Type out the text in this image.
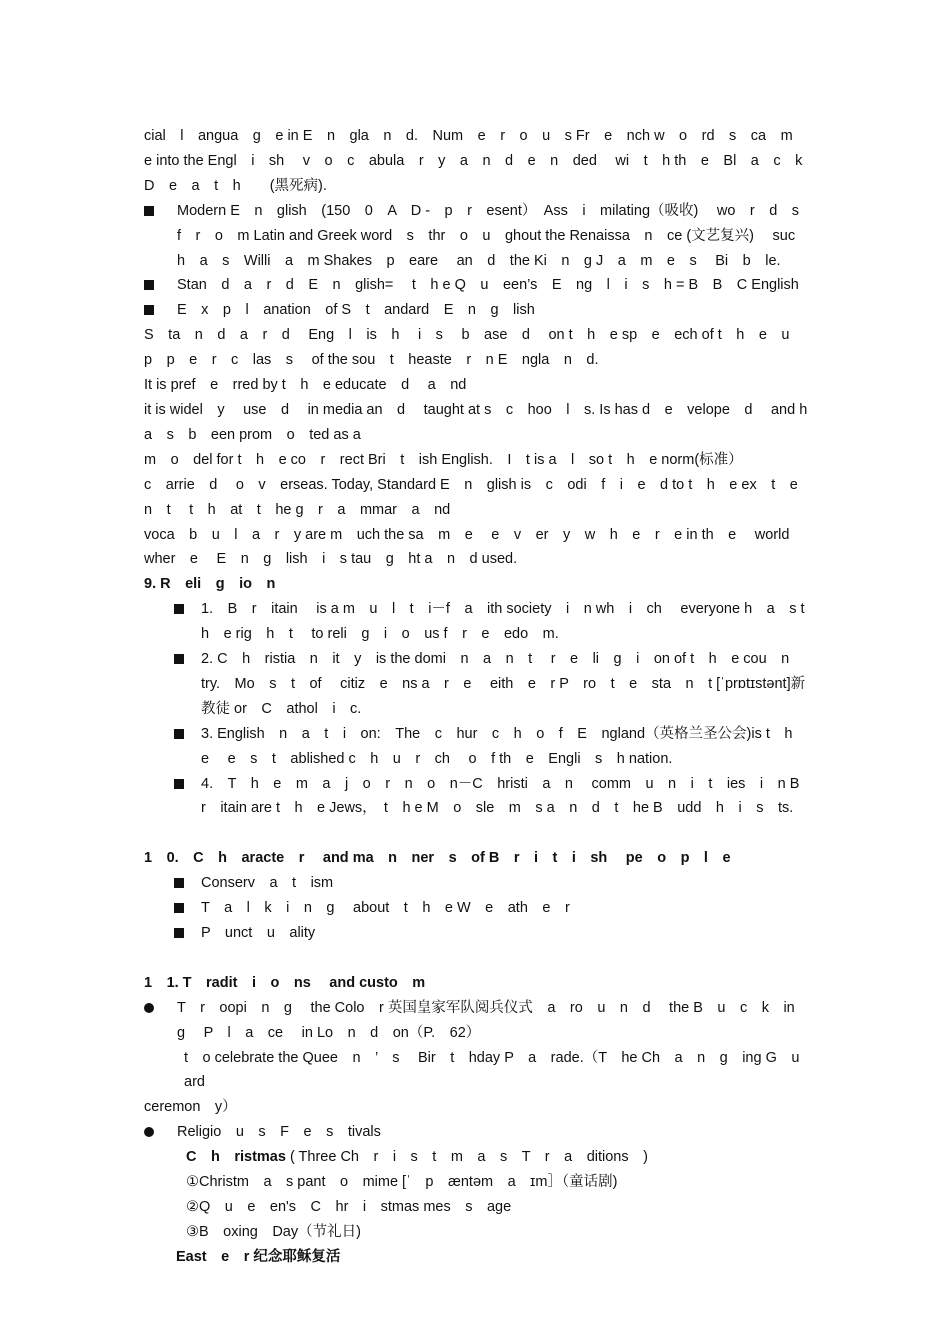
cial　l　angua　g　e in E　n　gla　n　d.　Num　e　r　o　u　s Fr　e　nch w　o　rd　s　ca　m　e into the Engl　i　sh　 v　o　c　abula　r　y　a　n　d　e　n　ded　 wi　t　h th　e　Bl　a　c　k D　e　a　t　h　　(黑死病).

Modern E　n　glish　(150　0　A　D -　p　r　esent）　Ass　i　milating（吸收)　 wo　r　d　s　f　r　o　m Latin and Greek word　s　thr　o　u　ghout the Renaissa　n　ce (文艺复兴)　 suc　h　a　s　Willi　a　m Shakes　p　eare　 an　d　the Ki　n　g J　a　m　e　s　 Bi　b　le.
Stan　d　a　r　d　E　n　glish=　 t　h e Q　u　een’s　E　ng　l　i　s　h = B　B　C English
E　x　p　l　anation　of S　t　andard　E　n　g　lish

S　ta　n　d　a　r　d　 Eng　l　is　h　 i　s　 b　ase　d　 on t　h　e sp　e　ech of t　h　e　u　p　p　e　r　c　las　s　 of the sou　t　heaste　r　n E　ngla　n　d.

It is pref　e　rred by t　h　e educate　d　 a　nd

it is widel　y　 use　d　 in media an　d　 taught at s　c　hoo　l　s. Is has d　e　velope　d　 and h　a　s　b　een prom　o　ted as a

m　o　del for t　h　e co　r　rect Bri　t　ish English.　I　t is a　l　so t　h　e norm(标准）

c　arrie　d　 o　v　erseas. Today, Standard E　n　glish is　c　odi　f　i　e　d to t　h　e ex　t　e　n　t　 t　h　at　t　he g　r　a　mmar　a　nd

voca　b　u　l　a　r　y are m　uch the sa　m　e　 e　v　er　y　w　h　e　r　e in th　e　 world wher　e　 E　n　g　lish　i　s tau　g　ht a　n　d used.

9. R　eli　g　io　n

1.　B　r　itain　 is a m　u　l　t　i－f　a　ith society　i　n wh　i　ch　 everyone h　a　s t　h　e rig　h　t　 to reli　g　i　o　us f　r　e　edo　m.
2. C　h　ristia　n　it　y　is the domi　n　a　n　t　 r　e　li　g　i　on of t　h　e cou　n　try.　Mo　s　t　of　 citiz　e　ns a　r　e　 eith　e　r P　ro　t　e　sta　n　t [ˈprɒtɪstənt]新教徒 or　C　athol　i　c.
3. English　n　a　t　i　on:　The　c　hur　c　h　o　f　E　ngland（英格兰圣公会)is t　h　e　 e　s　t　ablished c　h　u　r　ch　 o　f th　e　Engli　s　h nation.
4.　T　h　e　m　a　j　o　r　n　o　n－C　hristi　a　n　 comm　u　n　i　t　ies　i　n B　r　itain are t　h　e Jews，　t　h e M　o　sle　m　s a　n　d　t　he B　udd　h　i　s　ts.

1　0.　C　h　aracte　r　 and ma　n　ner　s　of B　r　i　t　i　sh　 pe　o　p　l　e

Conserv　a　t　ism
T　a　l　k　i　n　g　 about　t　h　e W　e　ath　e　r
P　unct　u　ality

1　1. T　radit　i　o　ns　 and custo　m

T　r　oopi　n　g　 the Colo　r 英国皇家军队阅兵仪式　a　ro　u　n　d　 the B　u　c　k　in　g　 P　l　a　ce　 in Lo　n　d　on（P.　62）

t　o celebrate the Quee　n　’　s　 Bir　t　hday P　a　rade.（T　he Ch　a　n　g　ing G　u　ard

ceremon　y）

Religio　u　s　F　e　s　tivals

C　h　ristmas ( Three Ch　r　i　s　t　m　a　s　T　r　a　ditions　)

①Christm　a　s pant　o　mime [ˈ　p　æntəm　a　ɪm］（童话剧)

②Q　u　e　en's　C　hr　i　stmas mes　s　age

③B　oxing　Day（节礼日)

East　e　r 纪念耶稣复活
